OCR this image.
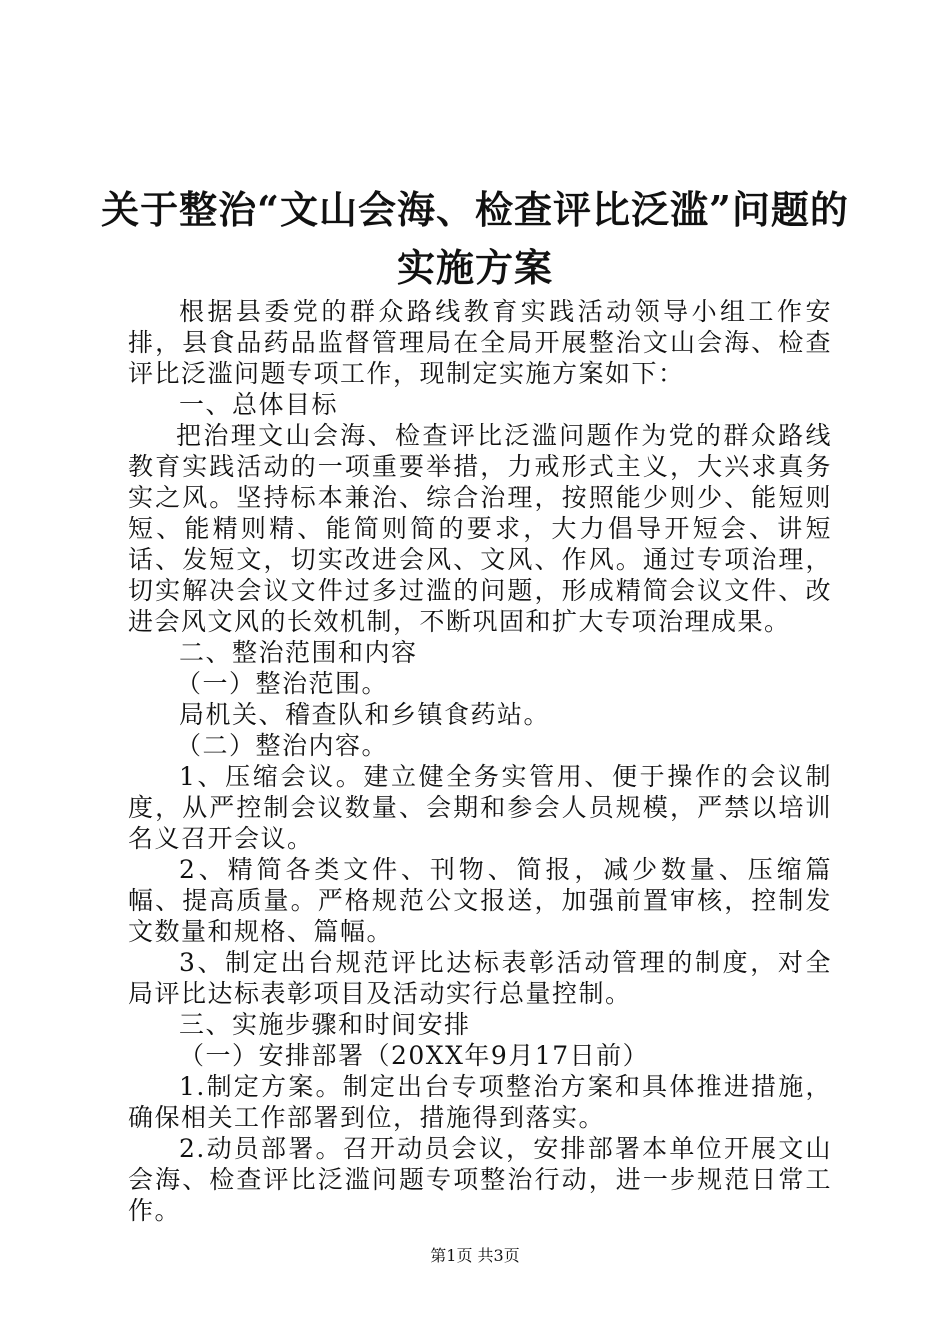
关于整治“文山会海、检查评比泛滥”问题的
实施方案

根据县委党的群众路线教育实践活动领导小组工作安排，县食品药品监督管理局在全局开展整治文山会海、检查评比泛滥问题专项工作，现制定实施方案如下：

一、总体目标

把治理文山会海、检查评比泛滥问题作为党的群众路线教育实践活动的一项重要举措，力戒形式主义，大兴求真务实之风。坚持标本兼治、综合治理，按照能少则少、能短则短、能精则精、能简则简的要求，大力倡导开短会、讲短话、发短文，切实改进会风、文风、作风。通过专项治理，切实解决会议文件过多过滥的问题，形成精简会议文件、改进会风文风的长效机制，不断巩固和扩大专项治理成果。

二、整治范围和内容

（一）整治范围。

局机关、稽查队和乡镇食药站。

（二）整治内容。

1、压缩会议。建立健全务实管用、便于操作的会议制度，从严控制会议数量、会期和参会人员规模，严禁以培训名义召开会议。

2、精简各类文件、刊物、简报，减少数量、压缩篇幅、提高质量。严格规范公文报送，加强前置审核，控制发文数量和规格、篇幅。

3、制定出台规范评比达标表彰活动管理的制度，对全局评比达标表彰项目及活动实行总量控制。

三、实施步骤和时间安排

（一）安排部署（20XX年9月17日前）

1.制定方案。制定出台专项整治方案和具体推进措施，确保相关工作部署到位，措施得到落实。

2.动员部署。召开动员会议，安排部署本单位开展文山会海、检查评比泛滥问题专项整治行动，进一步规范日常工作。

第1页 共3页
